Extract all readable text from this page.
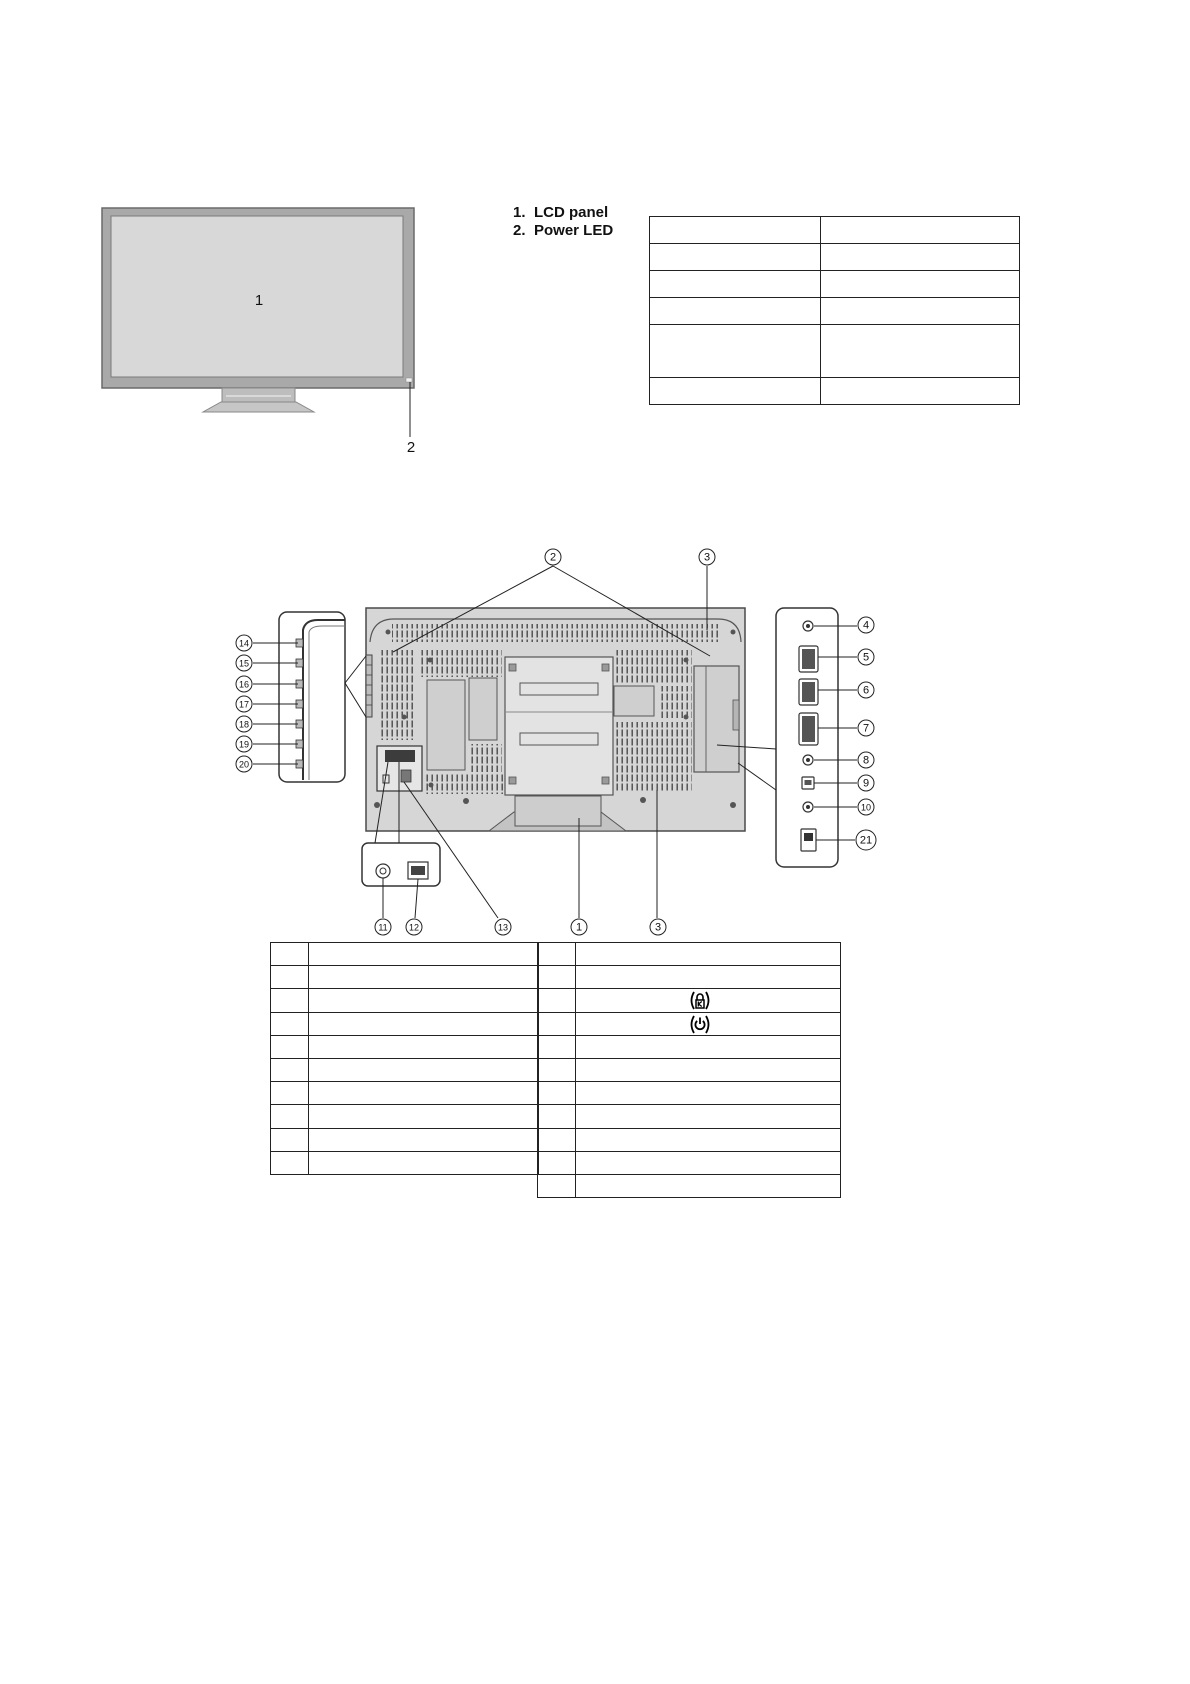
1
2
2	3
4
5
6
7
8
9
10
21
14
15
16
17
18
19
20
11 12	13	1	3
1. LCD panel
2. Power LED
